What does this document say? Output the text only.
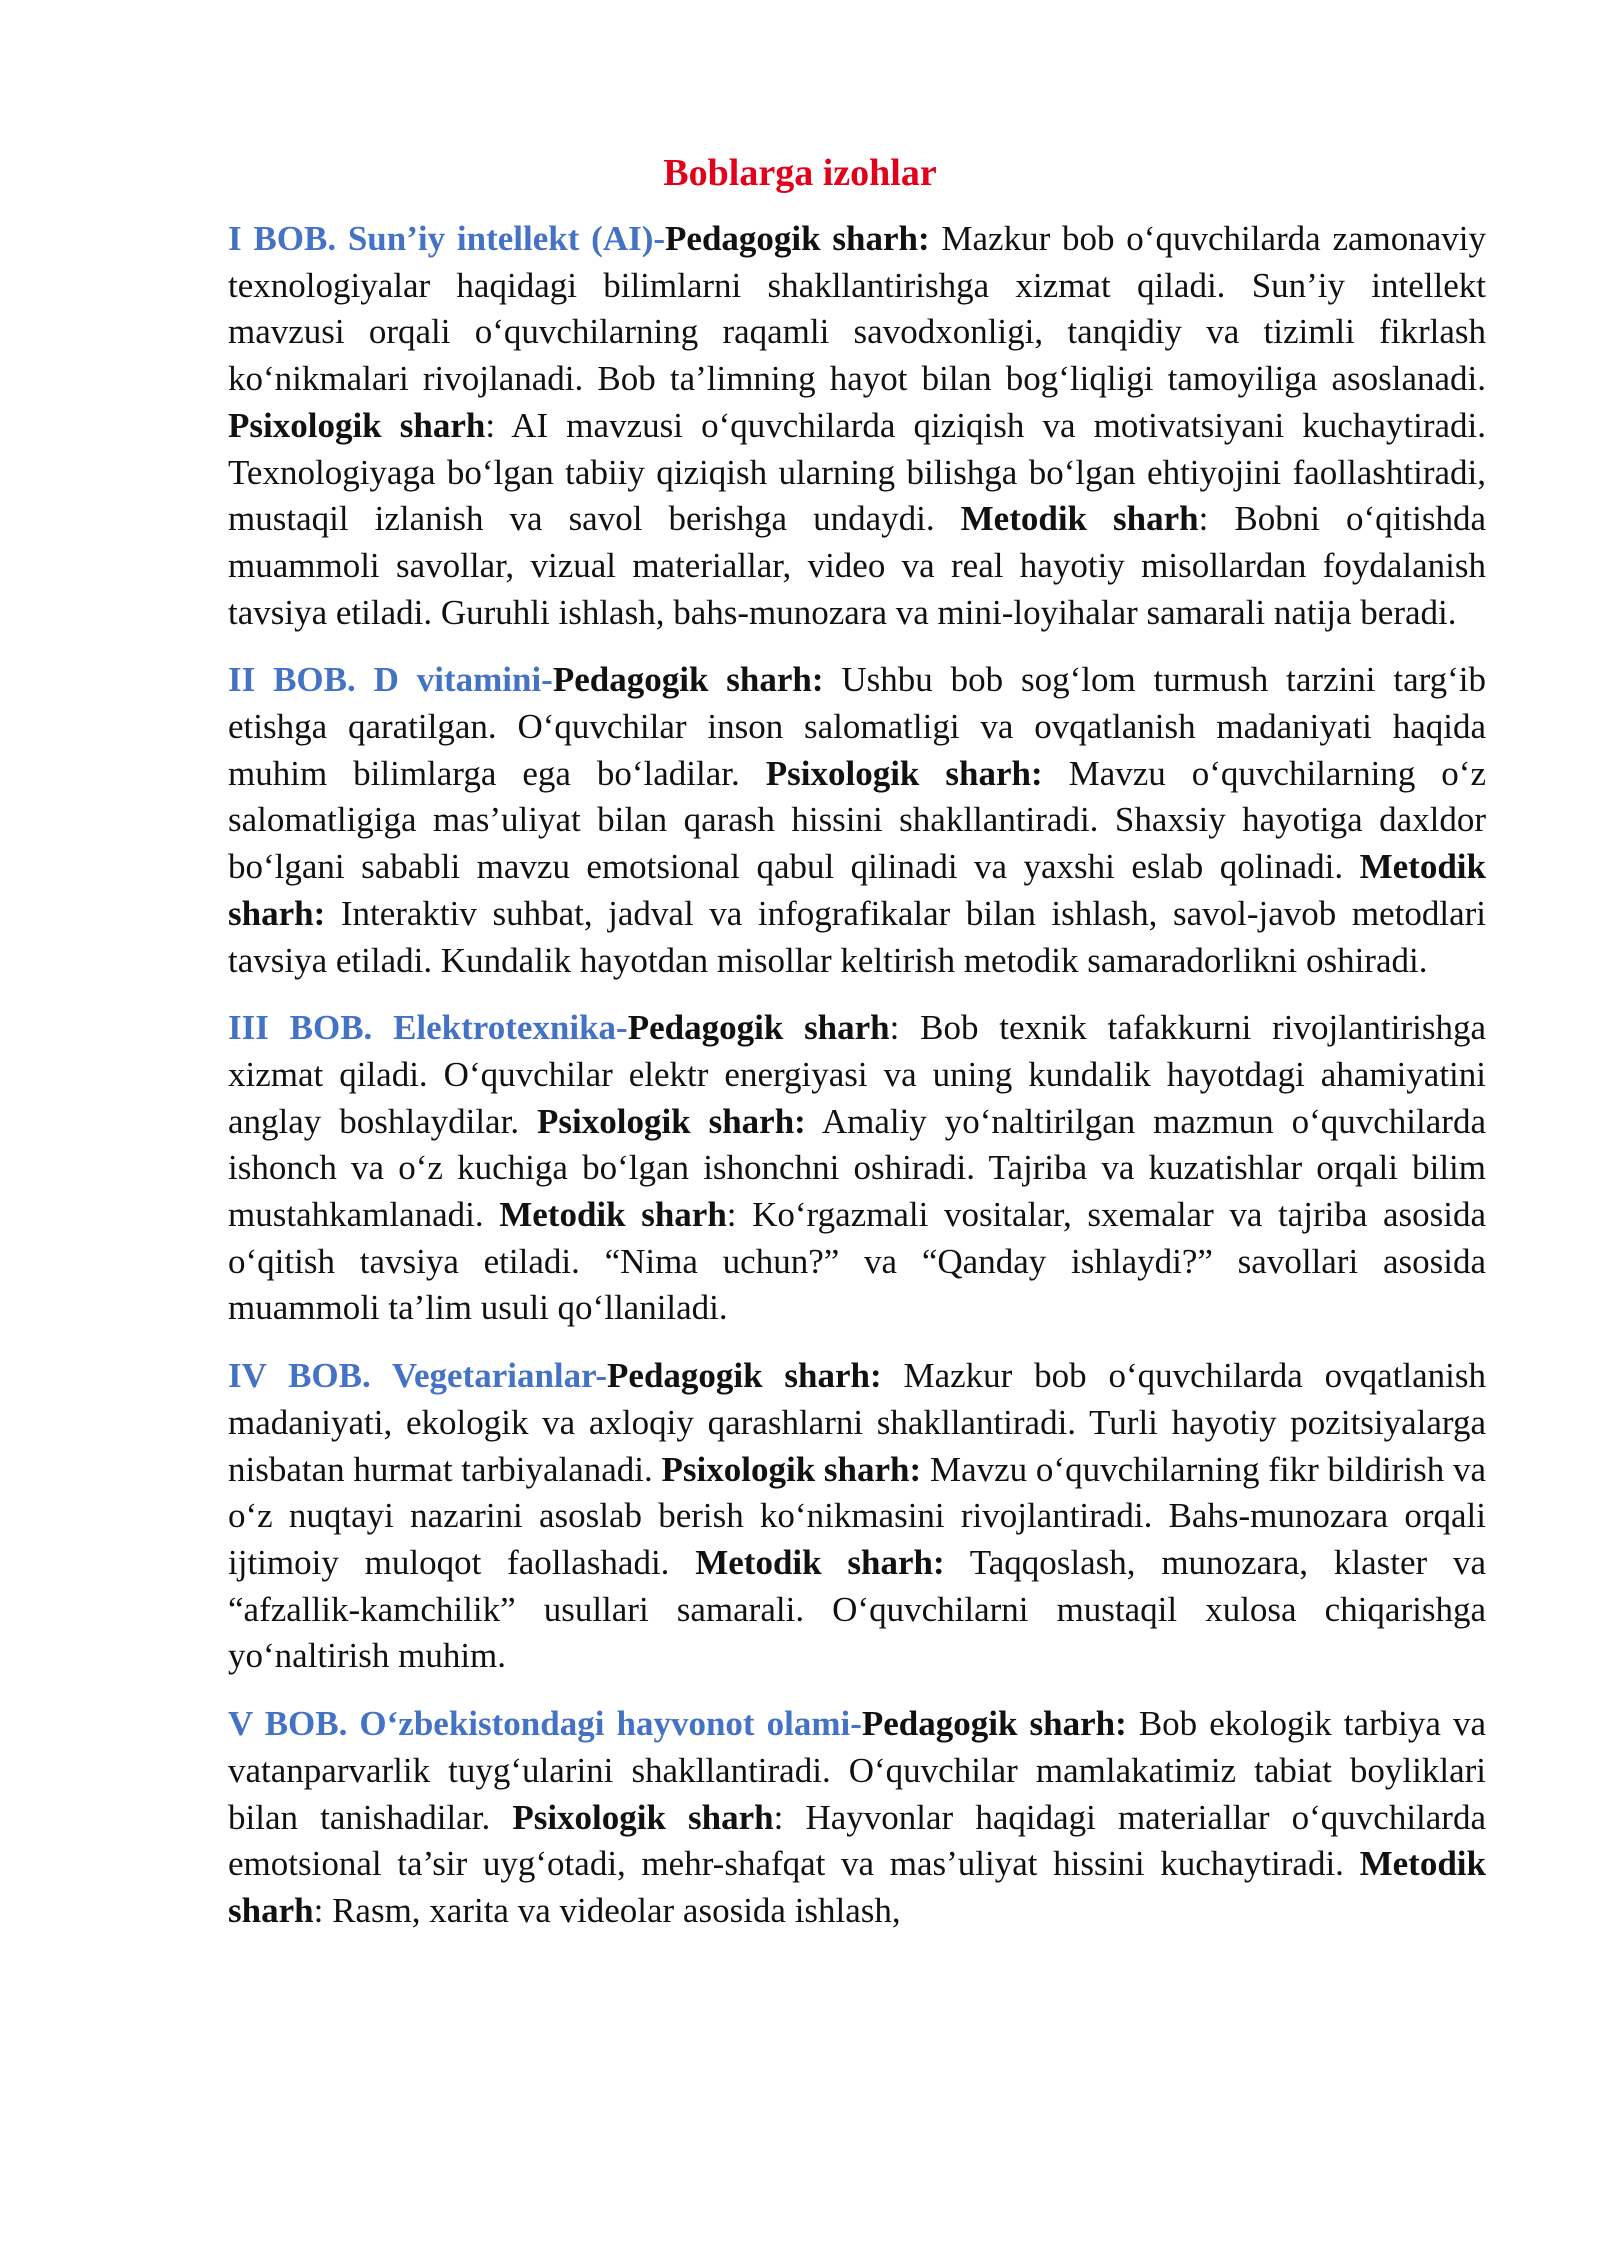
Boblarga izohlar

I BOB. Sun’iy intellekt (AI)-Pedagogik sharh: Mazkur bob o‘quvchilarda zamonaviy texnologiyalar haqidagi bilimlarni shakllantirishga xizmat qiladi. Sun’iy intellekt mavzusi orqali o‘quvchilarning raqamli savodxonligi, tanqidiy va tizimli fikrlash ko‘nikmalari rivojlanadi. Bob ta’limning hayot bilan bog‘liqligi tamoyiliga asoslanadi. Psixologik sharh: AI mavzusi o‘quvchilarda qiziqish va motivatsiyani kuchaytiradi. Texnologiyaga bo‘lgan tabiiy qiziqish ularning bilishga bo‘lgan ehtiyojini faollashtiradi, mustaqil izlanish va savol berishga undaydi. Metodik sharh: Bobni o‘qitishda muammoli savollar, vizual materiallar, video va real hayotiy misollardan foydalanish tavsiya etiladi. Guruhli ishlash, bahs-munozara va mini-loyihalar samarali natija beradi.

II BOB. D vitamini-Pedagogik sharh: Ushbu bob sog‘lom turmush tarzini targ‘ib etishga qaratilgan. O‘quvchilar inson salomatligi va ovqatlanish madaniyati haqida muhim bilimlarga ega bo‘ladilar. Psixologik sharh: Mavzu o‘quvchilarning o‘z salomatligiga mas’uliyat bilan qarash hissini shakllantiradi. Shaxsiy hayotiga daxldor bo‘lgani sababli mavzu emotsional qabul qilinadi va yaxshi eslab qolinadi. Metodik sharh: Interaktiv suhbat, jadval va infografikalar bilan ishlash, savol-javob metodlari tavsiya etiladi. Kundalik hayotdan misollar keltirish metodik samaradorlikni oshiradi.

III BOB. Elektrotexnika-Pedagogik sharh: Bob texnik tafakkurni rivojlantirishga xizmat qiladi. O‘quvchilar elektr energiyasi va uning kundalik hayotdagi ahamiyatini anglay boshlaydilar. Psixologik sharh: Amaliy yo‘naltirilgan mazmun o‘quvchilarda ishonch va o‘z kuchiga bo‘lgan ishonchni oshiradi. Tajriba va kuzatishlar orqali bilim mustahkamlanadi. Metodik sharh: Ko‘rgazmali vositalar, sxemalar va tajriba asosida o‘qitish tavsiya etiladi. “Nima uchun?” va “Qanday ishlaydi?” savollari asosida muammoli ta’lim usuli qo‘llaniladi.

IV BOB. Vegetarianlar-Pedagogik sharh: Mazkur bob o‘quvchilarda ovqatlanish madaniyati, ekologik va axloqiy qarashlarni shakllantiradi. Turli hayotiy pozitsiyalarga nisbatan hurmat tarbiyalanadi. Psixologik sharh: Mavzu o‘quvchilarning fikr bildirish va o‘z nuqtayi nazarini asoslab berish ko‘nikmasini rivojlantiradi. Bahs-munozara orqali ijtimoiy muloqot faollashadi. Metodik sharh: Taqqoslash, munozara, klaster va “afzallik-kamchilik” usullari samarali. O‘quvchilarni mustaqil xulosa chiqarishga yo‘naltirish muhim.

V BOB. O‘zbekistondagi hayvonot olami-Pedagogik sharh: Bob ekologik tarbiya va vatanparvarlik tuyg‘ularini shakllantiradi. O‘quvchilar mamlakatimiz tabiat boyliklari bilan tanishadilar. Psixologik sharh: Hayvonlar haqidagi materiallar o‘quvchilarda emotsional ta’sir uyg‘otadi, mehr-shafqat va mas’uliyat hissini kuchaytiradi. Metodik sharh: Rasm, xarita va videolar asosida ishlash,
